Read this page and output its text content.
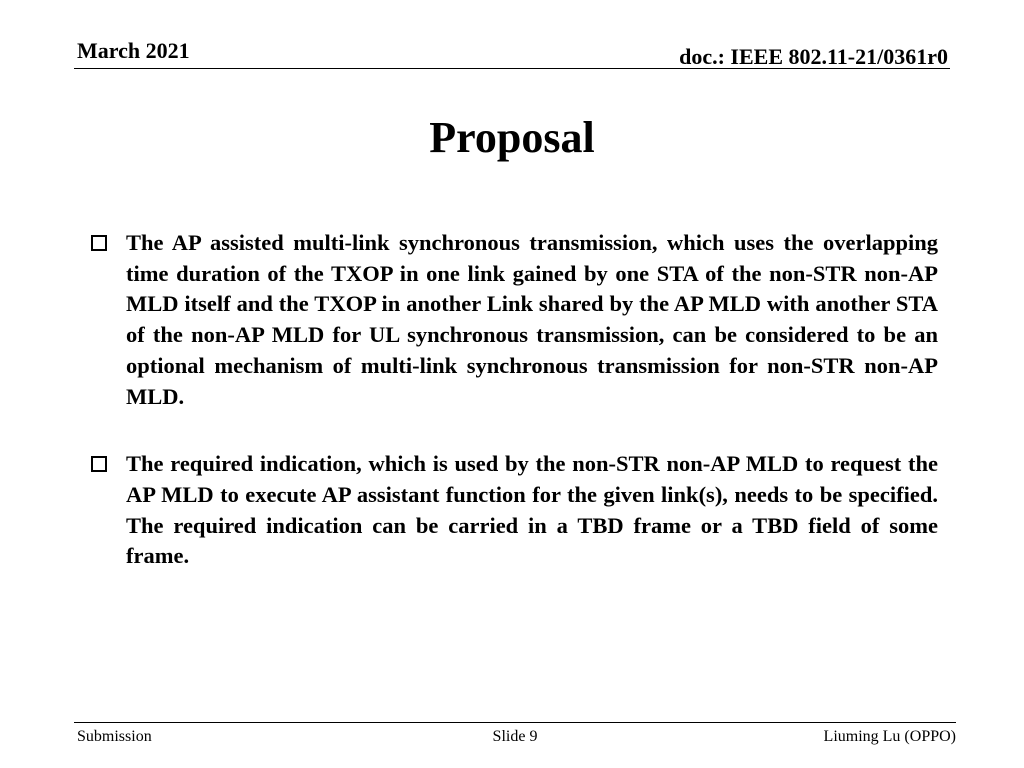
March 2021	doc.: IEEE 802.11-21/0361r0
Proposal
The AP assisted multi-link synchronous transmission, which uses the overlapping time duration of the TXOP in one link gained by one STA of the non-STR non-AP MLD itself and the TXOP in another Link shared by the AP MLD with another STA of the non-AP MLD for UL synchronous transmission, can be considered to be an optional mechanism of multi-link synchronous transmission for non-STR non-AP MLD.
The required indication, which is used by the non-STR non-AP MLD to request the AP MLD to execute AP assistant function for the given link(s), needs to be specified. The required indication can be carried in a TBD frame or a TBD field of some frame.
Submission	Slide 9	Liuming Lu (OPPO)
